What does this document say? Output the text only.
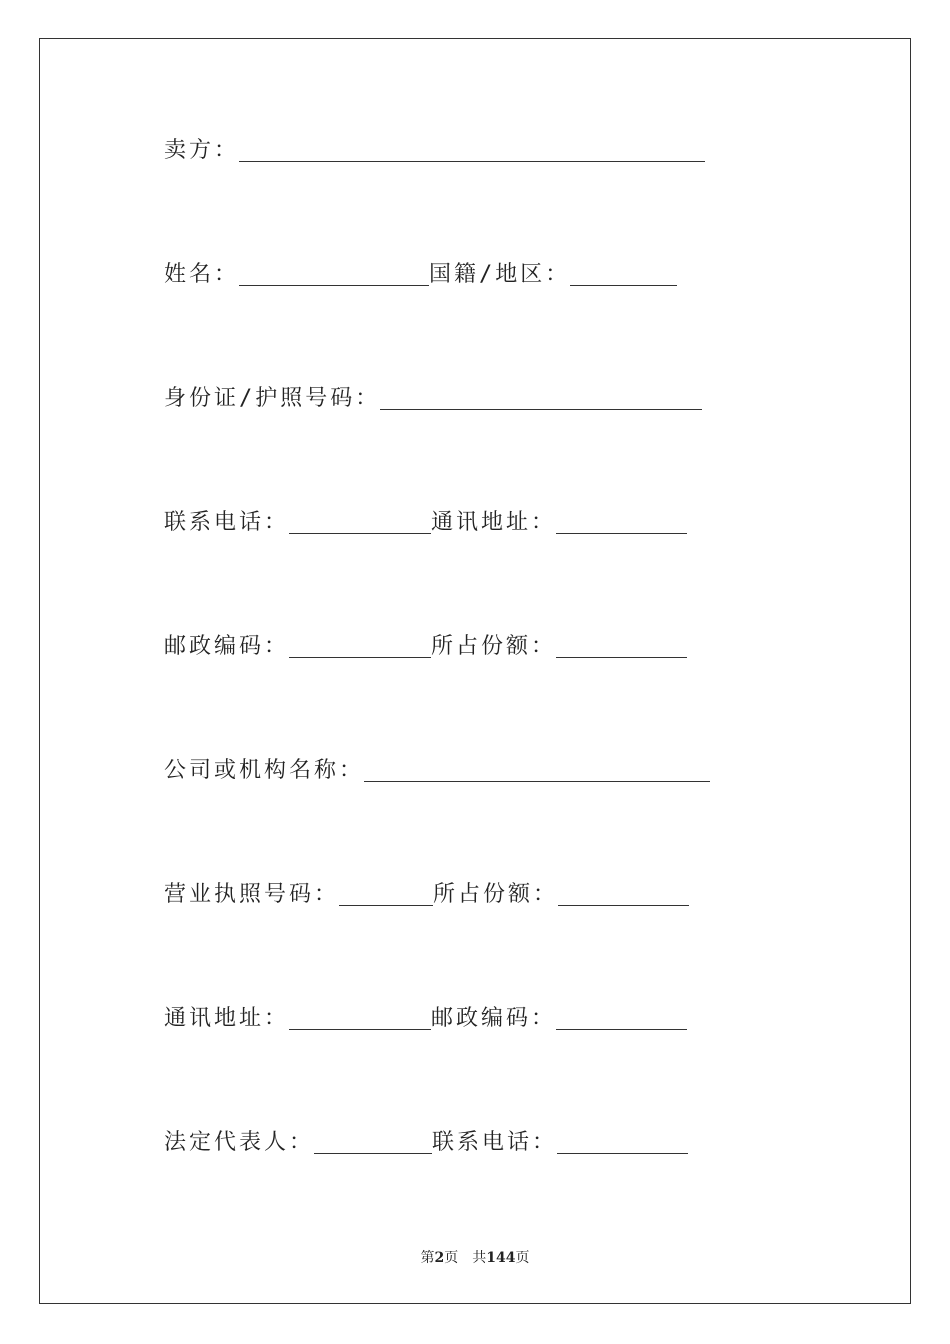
卖方：
姓名：	国籍/地区：
身份证/护照号码：
联系电话：	通讯地址：
邮政编码：	所占份额：
公司或机构名称：
营业执照号码：	所占份额：
通讯地址：	邮政编码：
法定代表人：	联系电话：
第2页 共144页
